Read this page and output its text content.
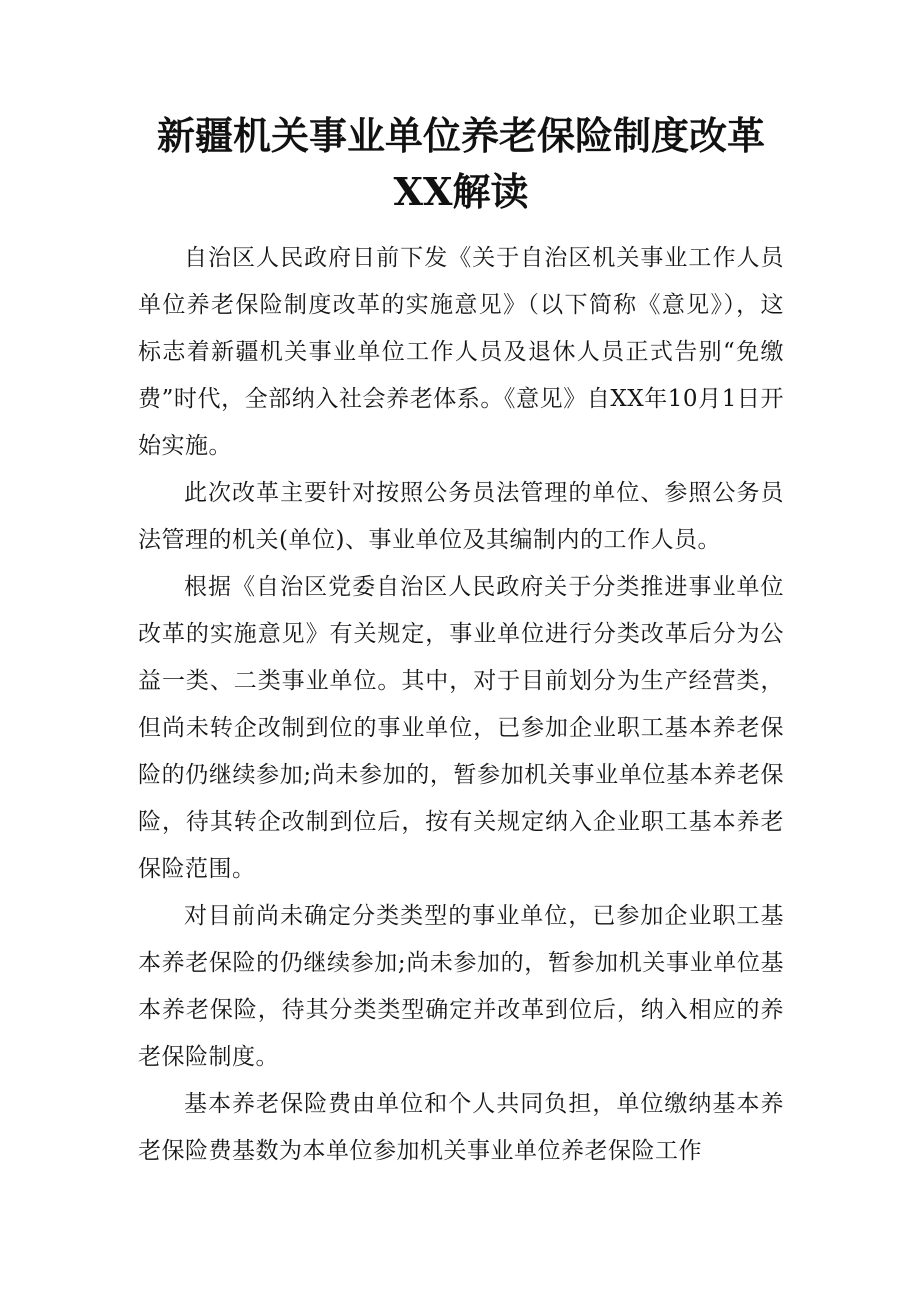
新疆机关事业单位养老保险制度改革XX解读

自治区人民政府日前下发《关于自治区机关事业工作人员单位养老保险制度改革的实施意见》（以下简称《意见》），这标志着新疆机关事业单位工作人员及退休人员正式告别“免缴费”时代，全部纳入社会养老体系。《意见》自XX年10月1日开始实施。

此次改革主要针对按照公务员法管理的单位、参照公务员法管理的机关(单位)、事业单位及其编制内的工作人员。

根据《自治区党委自治区人民政府关于分类推进事业单位改革的实施意见》有关规定，事业单位进行分类改革后分为公益一类、二类事业单位。其中，对于目前划分为生产经营类，但尚未转企改制到位的事业单位，已参加企业职工基本养老保险的仍继续参加;尚未参加的，暂参加机关事业单位基本养老保险，待其转企改制到位后，按有关规定纳入企业职工基本养老保险范围。

对目前尚未确定分类类型的事业单位，已参加企业职工基本养老保险的仍继续参加;尚未参加的，暂参加机关事业单位基本养老保险，待其分类类型确定并改革到位后，纳入相应的养老保险制度。

基本养老保险费由单位和个人共同负担，单位缴纳基本养老保险费基数为本单位参加机关事业单位养老保险工作
